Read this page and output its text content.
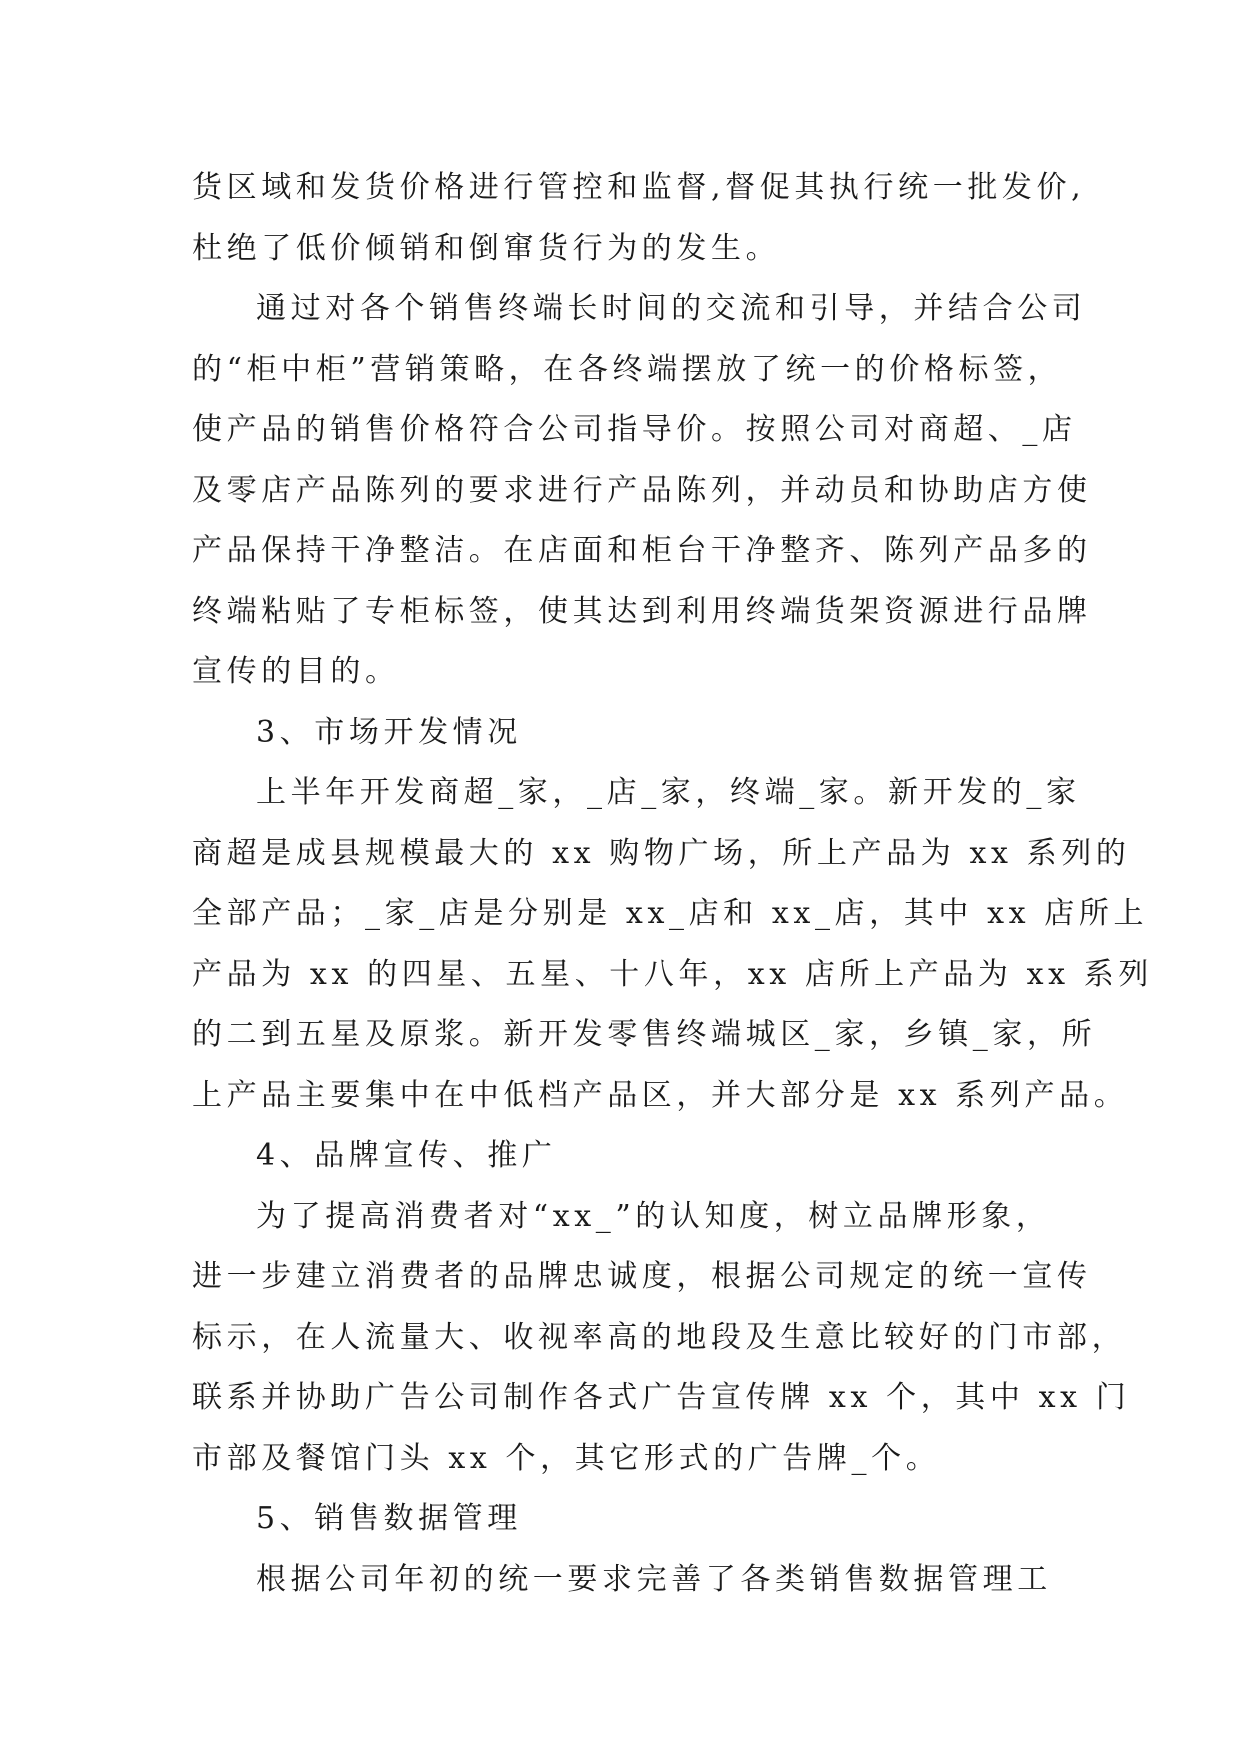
货区域和发货价格进行管控和监督,督促其执行统一批发价,
杜绝了低价倾销和倒窜货行为的发生。
通过对各个销售终端长时间的交流和引导，并结合公司
的“柜中柜”营销策略，在各终端摆放了统一的价格标签，
使产品的销售价格符合公司指导价。按照公司对商超、_店
及零店产品陈列的要求进行产品陈列，并动员和协助店方使
产品保持干净整洁。在店面和柜台干净整齐、陈列产品多的
终端粘贴了专柜标签，使其达到利用终端货架资源进行品牌
宣传的目的。
3、市场开发情况
上半年开发商超_家，_店_家，终端_家。新开发的_家
商超是成县规模最大的 xx 购物广场，所上产品为 xx 系列的
全部产品；_家_店是分别是 xx_店和 xx_店，其中 xx 店所上
产品为 xx 的四星、五星、十八年，xx 店所上产品为 xx 系列
的二到五星及原浆。新开发零售终端城区_家，乡镇_家，所
上产品主要集中在中低档产品区，并大部分是 xx 系列产品。
4、品牌宣传、推广
为了提高消费者对“xx_”的认知度，树立品牌形象，
进一步建立消费者的品牌忠诚度，根据公司规定的统一宣传
标示，在人流量大、收视率高的地段及生意比较好的门市部，
联系并协助广告公司制作各式广告宣传牌 xx 个，其中 xx 门
市部及餐馆门头 xx 个，其它形式的广告牌_个。
5、销售数据管理
根据公司年初的统一要求完善了各类销售数据管理工
